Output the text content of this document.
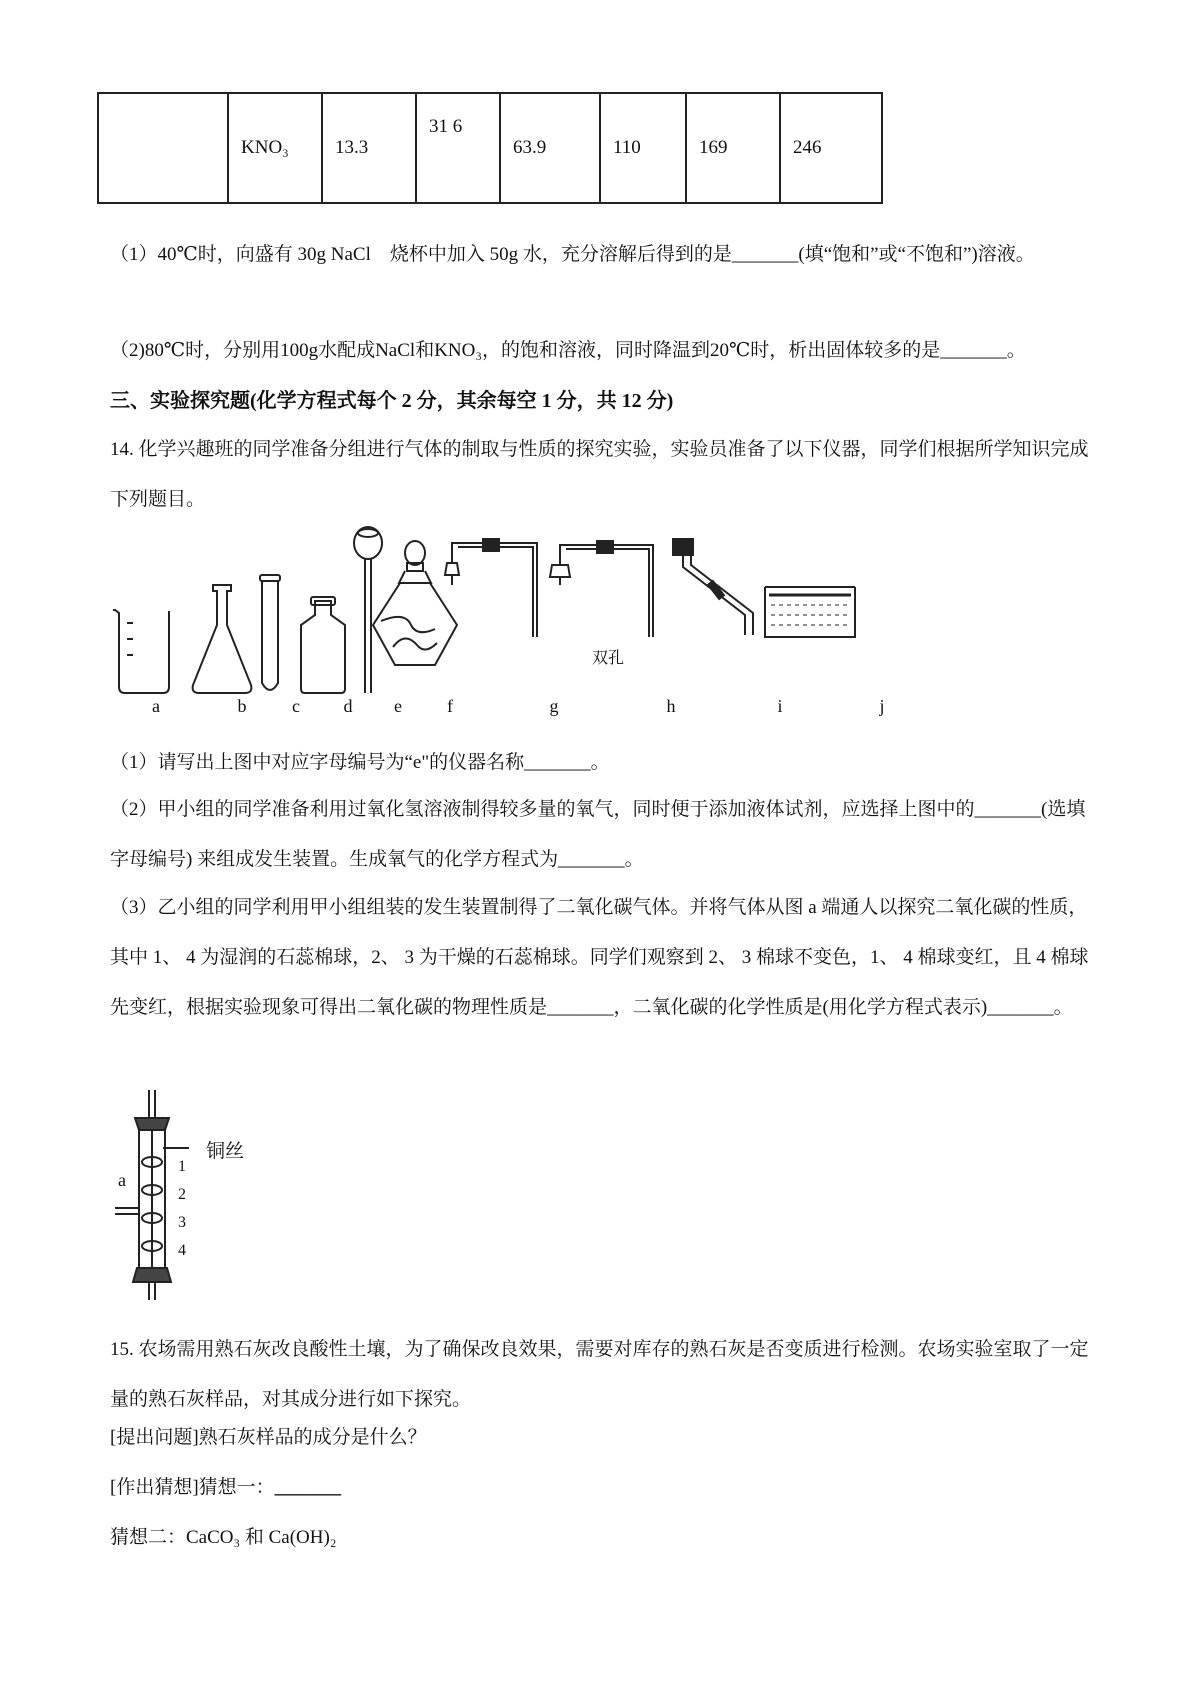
	KNO₃	13.3	31 6	63.9	110	169	246

（1）40℃时，向盛有 30g NaCl　烧杯中加入 50g 水，充分溶解后得到的是_______(填“饱和”或“不饱和”)溶液。

（2)80℃时，分别用100g水配成NaCl和KNO₃，的饱和溶液，同时降温到20℃时，析出固体较多的是_______。

三、实验探究题(化学方程式每个 2 分，其余每空 1 分，共 12 分)

14. 化学兴趣班的同学准备分组进行气体的制取与性质的探究实验，实验员准备了以下仪器，同学们根据所学知识完成下列题目。

a	b	c	d	e	f	g	h	i	j
双孔

（1）请写出上图中对应字母编号为“e"的仪器名称_______。

（2）甲小组的同学准备利用过氧化氢溶液制得较多量的氧气，同时便于添加液体试剂，应选择上图中的_______(选填字母编号) 来组成发生装置。生成氧气的化学方程式为_______。

（3）乙小组的同学利用甲小组组装的发生装置制得了二氧化碳气体。并将气体从图 a 端通人以探究二氧化碳的性质，其中 1、 4 为湿润的石蕊棉球，2、 3 为干燥的石蕊棉球。同学们观察到 2、 3 棉球不变色，1、 4 棉球变红，且 4 棉球先变红，根据实验现象可得出二氧化碳的物理性质是_______，二氧化碳的化学性质是(用化学方程式表示)_______。

铜丝
a
1
2
3
4

15. 农场需用熟石灰改良酸性土壤，为了确保改良效果，需要对库存的熟石灰是否变质进行检测。农场实验室取了一定量的熟石灰样品，对其成分进行如下探究。

[提出问题]熟石灰样品的成分是什么？
[作出猜想]猜想一：_______
猜想二：CaCO₃ 和 Ca(OH)₂
